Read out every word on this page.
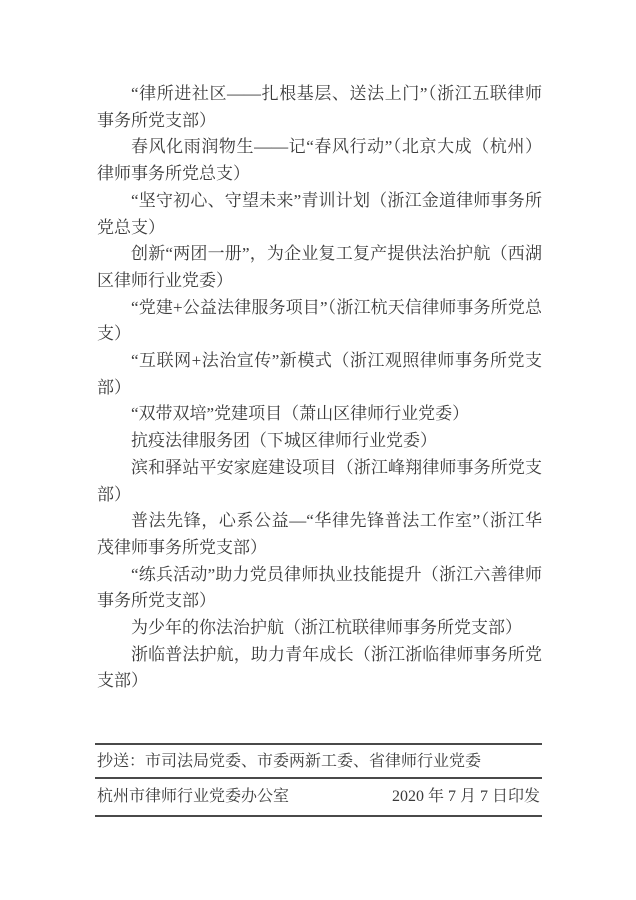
“律所进社区——扎根基层、送法上门”（浙江五联律师事务所党支部）

春风化雨润物生——记“春风行动”（北京大成（杭州）律师事务所党总支）

“坚守初心、守望未来”青训计划（浙江金道律师事务所党总支）

创新“两团一册”，为企业复工复产提供法治护航（西湖区律师行业党委）

“党建+公益法律服务项目”（浙江杭天信律师事务所党总支）

“互联网+法治宣传”新模式（浙江观照律师事务所党支部）

“双带双培”党建项目（萧山区律师行业党委）

抗疫法律服务团（下城区律师行业党委）

滨和驿站平安家庭建设项目（浙江峰翔律师事务所党支部）

普法先锋，心系公益—“华律先锋普法工作室”（浙江华茂律师事务所党支部）

“练兵活动”助力党员律师执业技能提升（浙江六善律师事务所党支部）

为少年的你法治护航（浙江杭联律师事务所党支部）

浙临普法护航，助力青年成长（浙江浙临律师事务所党支部）

抄送：市司法局党委、市委两新工委、省律师行业党委
杭州市律师行业党委办公室	2020 年 7 月 7 日印发
